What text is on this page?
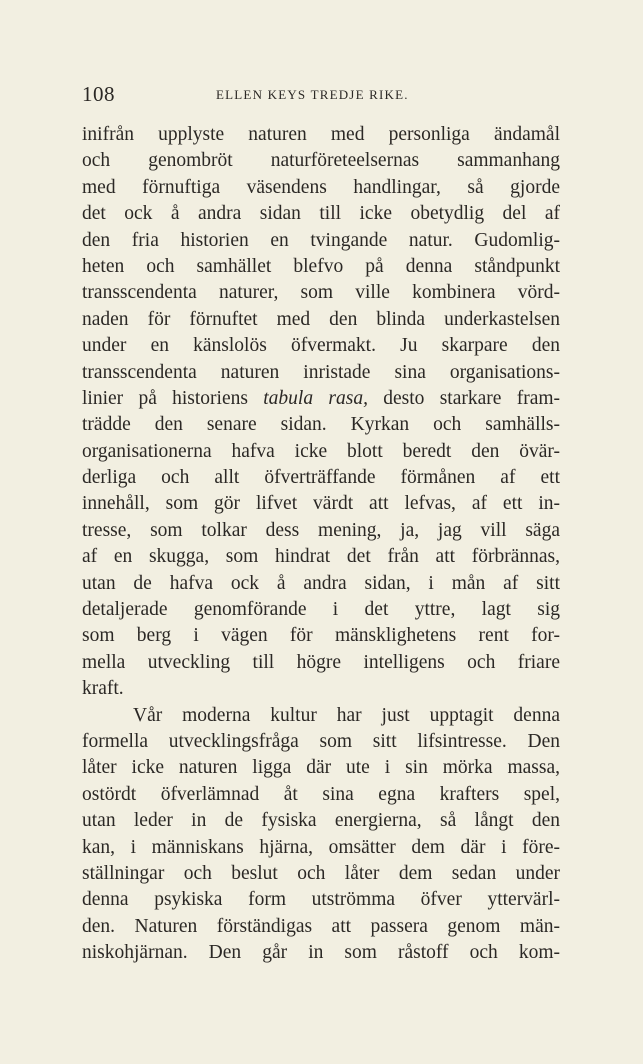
108	ELLEN KEYS TREDJE RIKE.
inifrån upplyste naturen med personliga ändamål
och genombröt naturföreteelsernas sammanhang
med förnuftiga väsendens handlingar, så gjorde
det ock å andra sidan till icke obetydlig del af
den fria historien en tvingande natur. Gudomlig-
heten och samhället blefvo på denna ståndpunkt
transscendenta naturer, som ville kombinera vörd-
naden för förnuftet med den blinda underkastelsen
under en känslolös öfvermakt. Ju skarpare den
transscendenta naturen inristade sina organisations-
linier på historiens tabula rasa, desto starkare fram-
trädde den senare sidan. Kyrkan och samhälls-
organisationerna hafva icke blott beredt den övär-
derliga och allt öfverträffande förmånen af ett
innehåll, som gör lifvet värdt att lefvas, af ett in-
tresse, som tolkar dess mening, ja, jag vill säga
af en skugga, som hindrat det från att förbrännas,
utan de hafva ock å andra sidan, i mån af sitt
detaljerade genomförande i det yttre, lagt sig
som berg i vägen för mänsklighetens rent for-
mella utveckling till högre intelligens och friare
kraft.
Vår moderna kultur har just upptagit denna
formella utvecklingsfråga som sitt lifsintresse. Den
låter icke naturen ligga där ute i sin mörka massa,
ostördt öfverlämnad åt sina egna krafters spel,
utan leder in de fysiska energierna, så långt den
kan, i människans hjärna, omsätter dem där i före-
ställningar och beslut och låter dem sedan under
denna psykiska form utströmma öfver yttervärl-
den. Naturen förständigas att passera genom män-
niskohjärnan. Den går in som råstoff och kom-
